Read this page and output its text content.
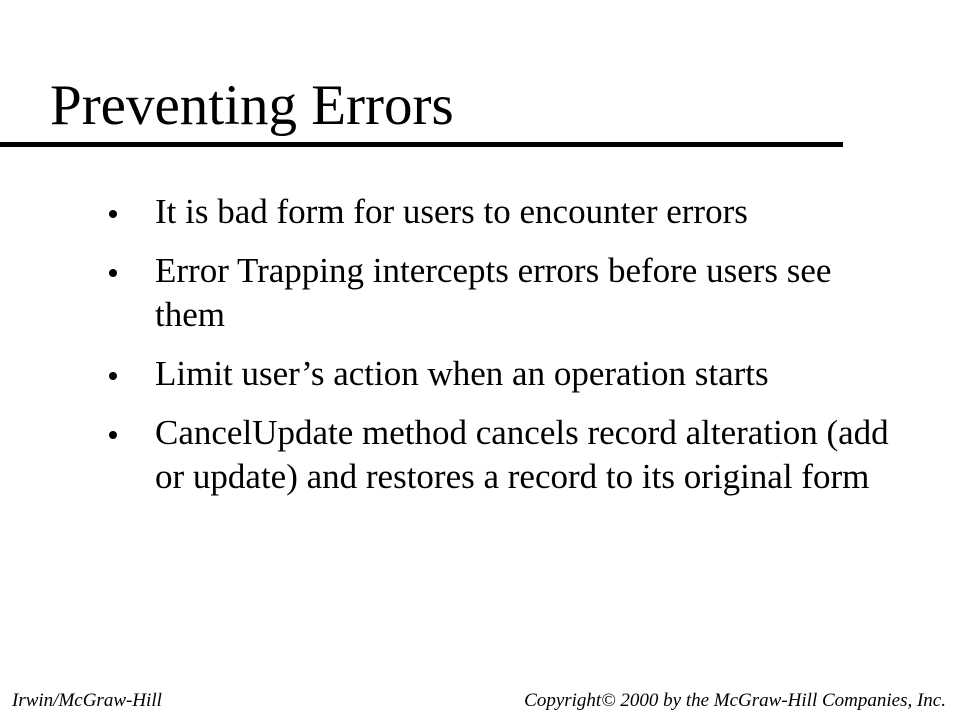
Preventing Errors
It is bad form for users to encounter errors
Error Trapping intercepts errors before users see them
Limit user’s action when an operation starts
CancelUpdate method cancels record alteration (add or update) and restores a record to its original form
Irwin/McGraw-Hill	Copyright© 2000 by the McGraw-Hill Companies, Inc.
